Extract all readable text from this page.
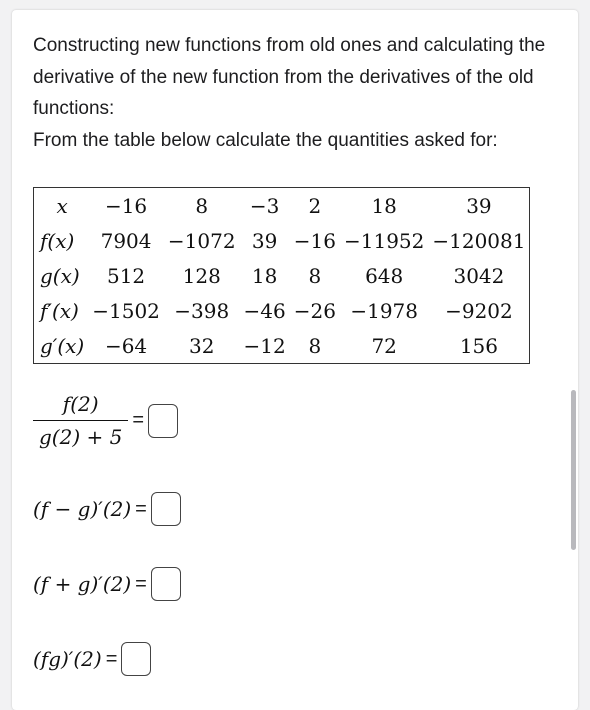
Constructing new functions from old ones and calculating the derivative of the new function from the derivatives of the old functions:

From the table below calculate the quantities asked for:

x	−16	8	−3	2	18	39
f(x)	7904	−1072	39	−16	−11952	−120081
g(x)	512	128	18	8	648	3042
f′(x)	−1502	−398	−46	−26	−1978	−9202
g′(x)	−64	32	−12	8	72	156
$\frac{f(2)}{g(2) + 5}$ =
(f − g)′(2) =
(f + g)′(2) =
(fg)′(2) =
